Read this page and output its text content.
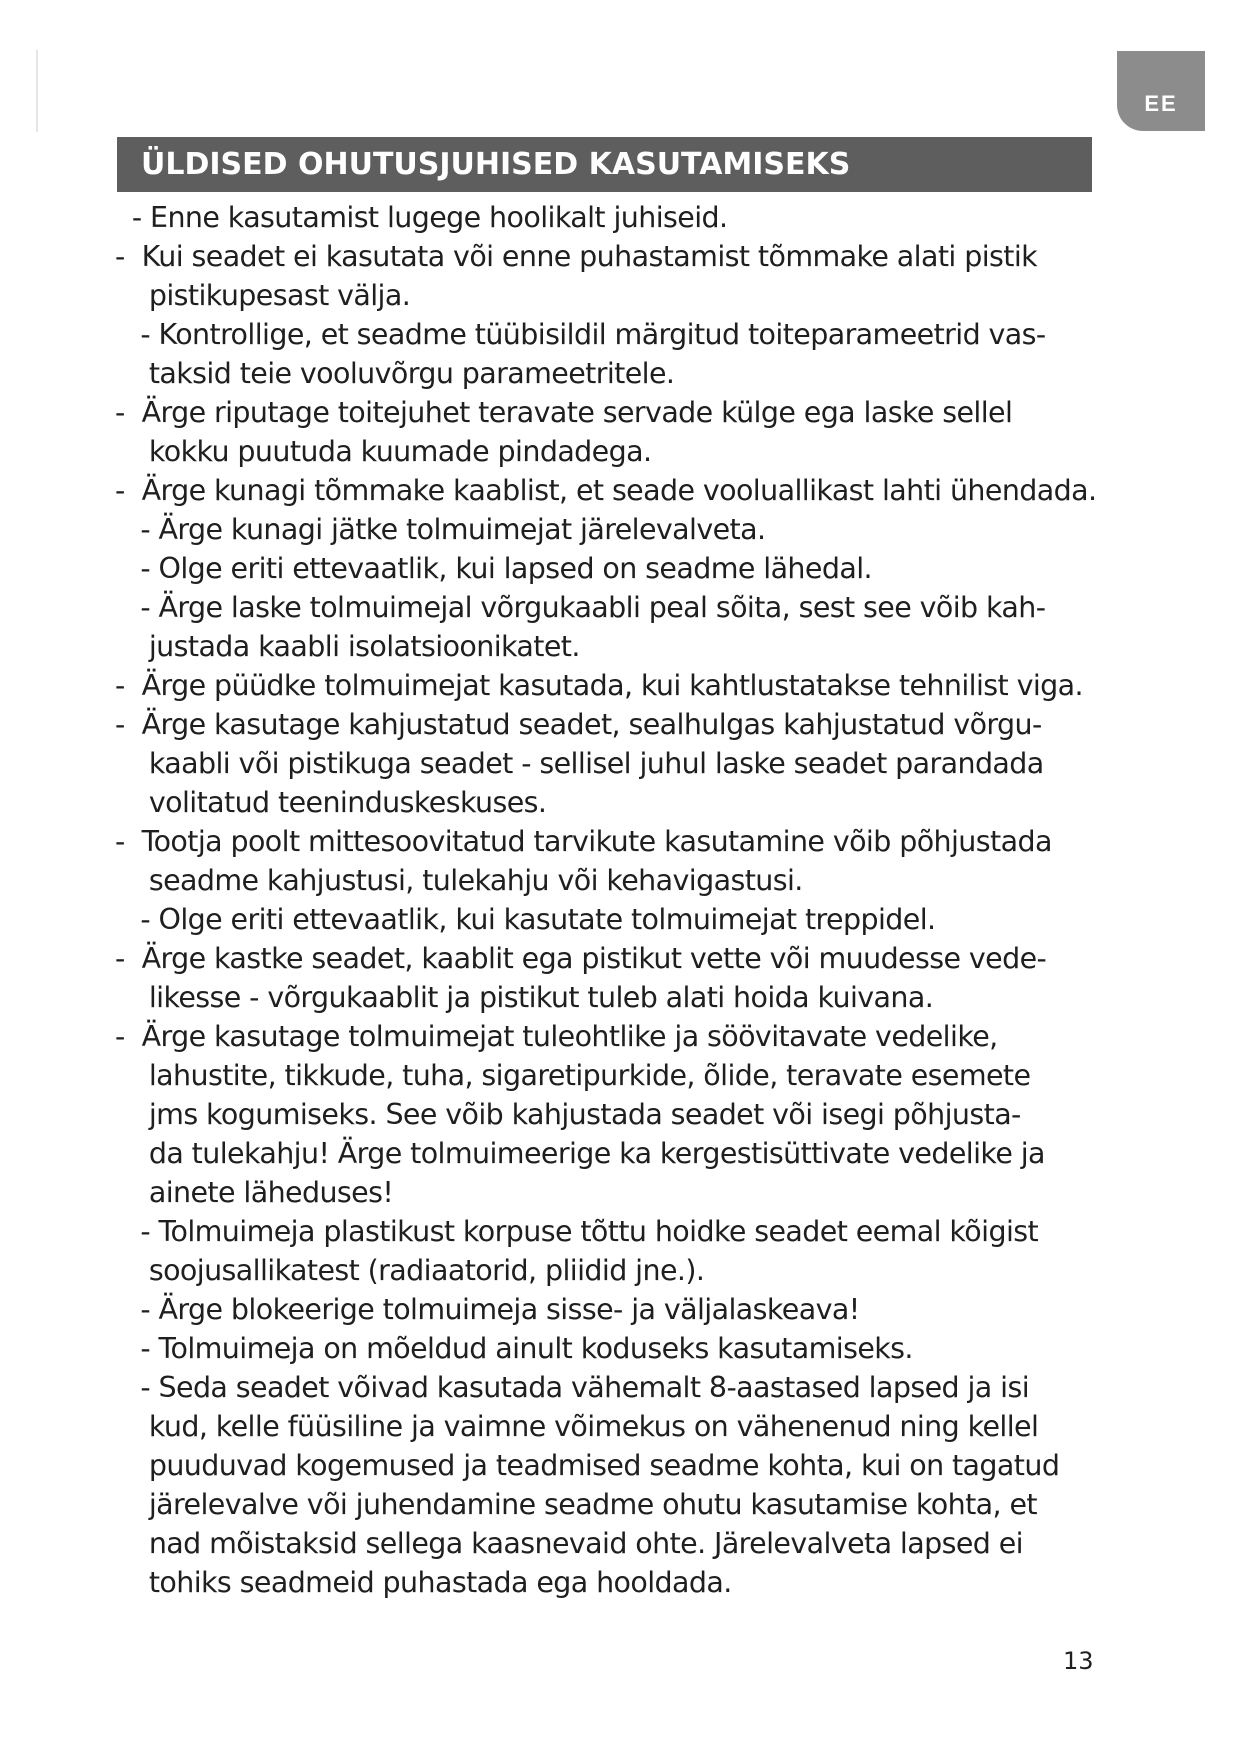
EE
ÜLDISED OHUTUSJUHISED KASUTAMISEKS
- Enne kasutamist lugege hoolikalt juhiseid.
-  Kui seadet ei kasutata või enne puhastamist tõmmake alati pistik
pistikupesast välja.
- Kontrollige, et seadme tüübisildil märgitud toiteparameetrid vas-
taksid teie vooluvõrgu parameetritele.
-  Ärge riputage toitejuhet teravate servade külge ega laske sellel
kokku puutuda kuumade pindadega.
-  Ärge kunagi tõmmake kaablist, et seade vooluallikast lahti ühendada.
- Ärge kunagi jätke tolmuimejat järelevalveta.
- Olge eriti ettevaatlik, kui lapsed on seadme lähedal.
- Ärge laske tolmuimejal võrgukaabli peal sõita, sest see võib kah-
justada kaabli isolatsioonikatet.
-  Ärge püüdke tolmuimejat kasutada, kui kahtlustatakse tehnilist viga.
-  Ärge kasutage kahjustatud seadet, sealhulgas kahjustatud võrgu-
kaabli või pistikuga seadet - sellisel juhul laske seadet parandada
volitatud teeninduskeskuses.
-  Tootja poolt mittesoovitatud tarvikute kasutamine võib põhjustada
seadme kahjustusi, tulekahju või kehavigastusi.
- Olge eriti ettevaatlik, kui kasutate tolmuimejat treppidel.
-  Ärge kastke seadet, kaablit ega pistikut vette või muudesse vede-
likesse - võrgukaablit ja pistikut tuleb alati hoida kuivana.
-  Ärge kasutage tolmuimejat tuleohtlike ja söövitavate vedelike,
lahustite, tikkude, tuha, sigaretipurkide, õlide, teravate esemete
jms kogumiseks. See võib kahjustada seadet või isegi põhjusta-
da tulekahju! Ärge tolmuimeerige ka kergestisüttivate vedelike ja
ainete läheduses!
- Tolmuimeja plastikust korpuse tõttu hoidke seadet eemal kõigist
soojusallikatest (radiaatorid, pliidid jne.).
- Ärge blokeerige tolmuimeja sisse- ja väljalaskeava!
- Tolmuimeja on mõeldud ainult koduseks kasutamiseks.
- Seda seadet võivad kasutada vähemalt 8-aastased lapsed ja isi
kud, kelle füüsiline ja vaimne võimekus on vähenenud ning kellel
puuduvad kogemused ja teadmised seadme kohta, kui on tagatud
järelevalve või juhendamine seadme ohutu kasutamise kohta, et
nad mõistaksid sellega kaasnevaid ohte. Järelevalveta lapsed ei
tohiks seadmeid puhastada ega hooldada.
13
